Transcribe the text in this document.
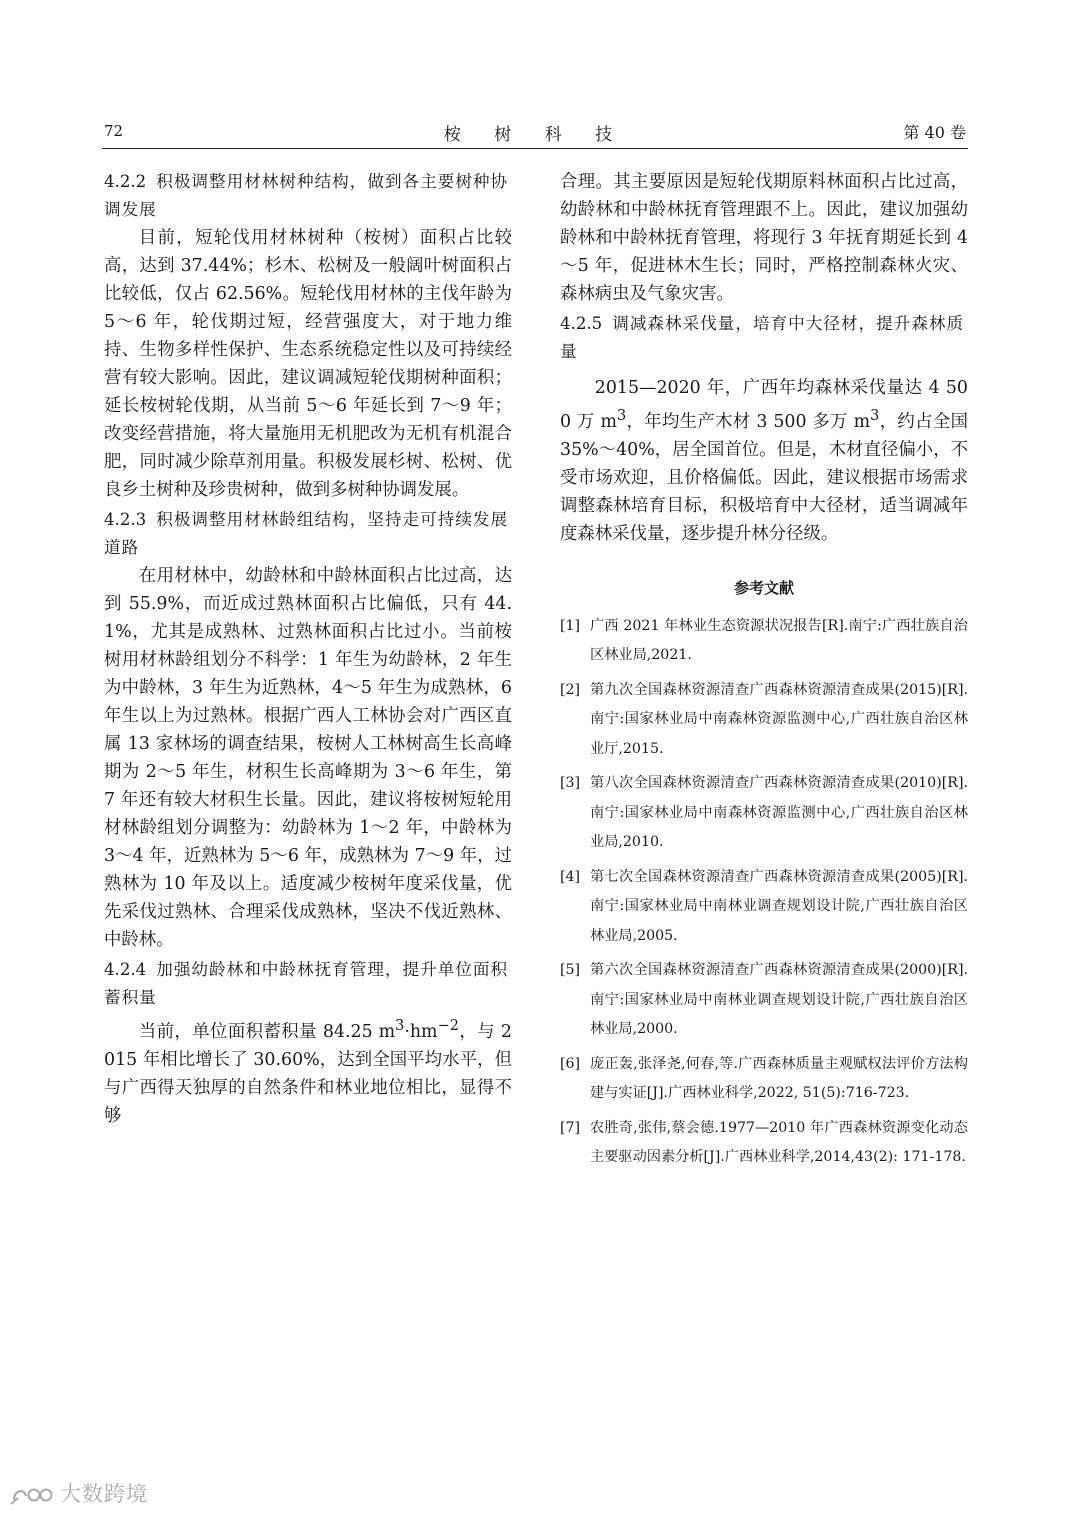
72	桉 树 科 技	第 40 卷
4.2.2 积极调整用材林树种结构，做到各主要树种协调发展

目前，短轮伐用材林树种（桉树）面积占比较高，达到 37.44%；杉木、松树及一般阔叶树面积占比较低，仅占 62.56%。短轮伐用材林的主伐年龄为 5～6 年，轮伐期过短，经营强度大，对于地力维持、生物多样性保护、生态系统稳定性以及可持续经营有较大影响。因此，建议调减短轮伐期树种面积；延长桉树轮伐期，从当前 5～6 年延长到 7～9 年；改变经营措施，将大量施用无机肥改为无机有机混合肥，同时减少除草剂用量。积极发展杉树、松树、优良乡土树种及珍贵树种，做到多树种协调发展。

4.2.3 积极调整用材林龄组结构，坚持走可持续发展道路

在用材林中，幼龄林和中龄林面积占比过高，达到 55.9%，而近成过熟林面积占比偏低，只有 44.1%，尤其是成熟林、过熟林面积占比过小。当前桉树用材林龄组划分不科学：1 年生为幼龄林，2 年生为中龄林，3 年生为近熟林，4～5 年生为成熟林，6 年生以上为过熟林。根据广西人工林协会对广西区直属 13 家林场的调查结果，桉树人工林树高生长高峰期为 2～5 年生，材积生长高峰期为 3～6 年生，第 7 年还有较大材积生长量。因此，建议将桉树短轮用材林龄组划分调整为：幼龄林为 1～2 年，中龄林为 3～4 年，近熟林为 5～6 年，成熟林为 7～9 年，过熟林为 10 年及以上。适度减少桉树年度采伐量，优先采伐过熟林、合理采伐成熟林，坚决不伐近熟林、中龄林。

4.2.4 加强幼龄林和中龄林抚育管理，提升单位面积蓄积量

当前，单位面积蓄积量 84.25 $m^3\cdot hm^{-2}$，与 2015 年相比增长了 30.60%，达到全国平均水平，但与广西得天独厚的自然条件和林业地位相比，显得不够

合理。其主要原因是短轮伐期原料林面积占比过高，幼龄林和中龄林抚育管理跟不上。因此，建议加强幼龄林和中龄林抚育管理，将现行 3 年抚育期延长到 4～5 年，促进林木生长；同时，严格控制森林火灾、森林病虫及气象灾害。

4.2.5 调减森林采伐量，培育中大径材，提升森林质量

2015—2020 年，广西年均森林采伐量达 4 500 万 $m^3$，年均生产木材 3 500 多万 $m^3$，约占全国 35%～40%，居全国首位。但是，木材直径偏小，不受市场欢迎，且价格偏低。因此，建议根据市场需求调整森林培育目标，积极培育中大径材，适当调减年度森林采伐量，逐步提升林分径级。

参考文献
[1] 广西 2021 年林业生态资源状况报告[R].南宁:广西壮族自治区林业局,2021.
[2] 第九次全国森林资源清查广西森林资源清查成果(2015)[R].南宁:国家林业局中南森林资源监测中心,广西壮族自治区林业厅,2015.
[3] 第八次全国森林资源清查广西森林资源清查成果(2010)[R].南宁:国家林业局中南森林资源监测中心,广西壮族自治区林业局,2010.
[4] 第七次全国森林资源清查广西森林资源清查成果(2005)[R].南宁:国家林业局中南林业调查规划设计院,广西壮族自治区林业局,2005.
[5] 第六次全国森林资源清查广西森林资源清查成果(2000)[R].南宁:国家林业局中南林业调查规划设计院,广西壮族自治区林业局,2000.
[6] 庞正轰,张泽尧,何春,等.广西森林质量主观赋权法评价方法构建与实证[J].广西林业科学,2022, 51(5):716-723.
[7] 农胜奇,张伟,蔡会德.1977—2010 年广西森林资源变化动态主要驱动因素分析[J].广西林业科学,2014,43(2): 171-178.
大数跨境
